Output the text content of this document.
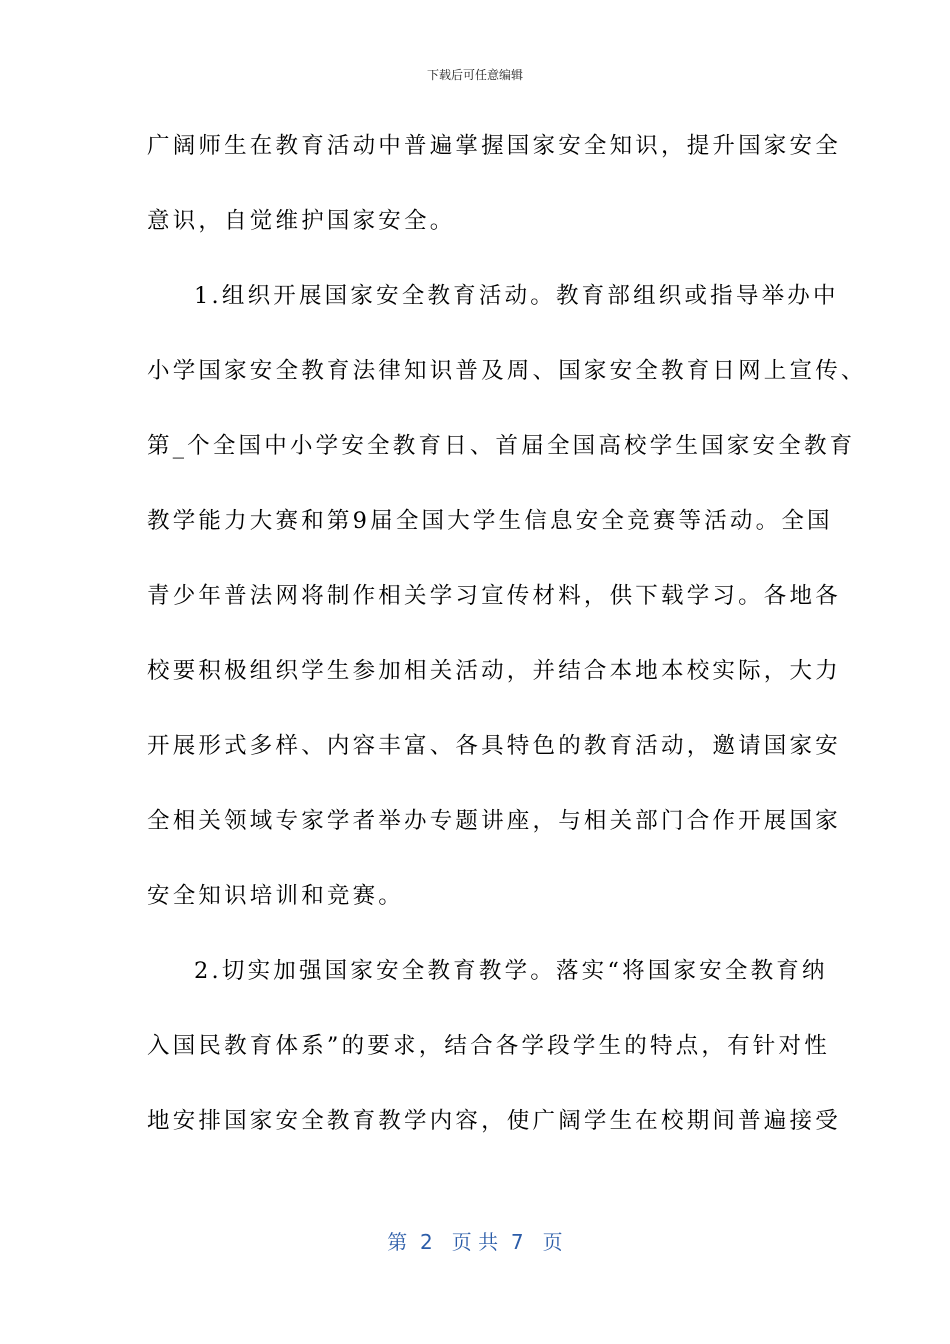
下载后可任意编辑
广阔师生在教育活动中普遍掌握国家安全知识，提升国家安全
意识，自觉维护国家安全。
1.组织开展国家安全教育活动。教育部组织或指导举办中
小学国家安全教育法律知识普及周、国家安全教育日网上宣传、
第_个全国中小学安全教育日、首届全国高校学生国家安全教育
教学能力大赛和第9届全国大学生信息安全竞赛等活动。全国
青少年普法网将制作相关学习宣传材料，供下载学习。各地各
校要积极组织学生参加相关活动，并结合本地本校实际，大力
开展形式多样、内容丰富、各具特色的教育活动，邀请国家安
全相关领域专家学者举办专题讲座，与相关部门合作开展国家
安全知识培训和竞赛。
2.切实加强国家安全教育教学。落实“将国家安全教育纳
入国民教育体系”的要求，结合各学段学生的特点，有针对性
地安排国家安全教育教学内容，使广阔学生在校期间普遍接受
第  2   页 共  7   页
